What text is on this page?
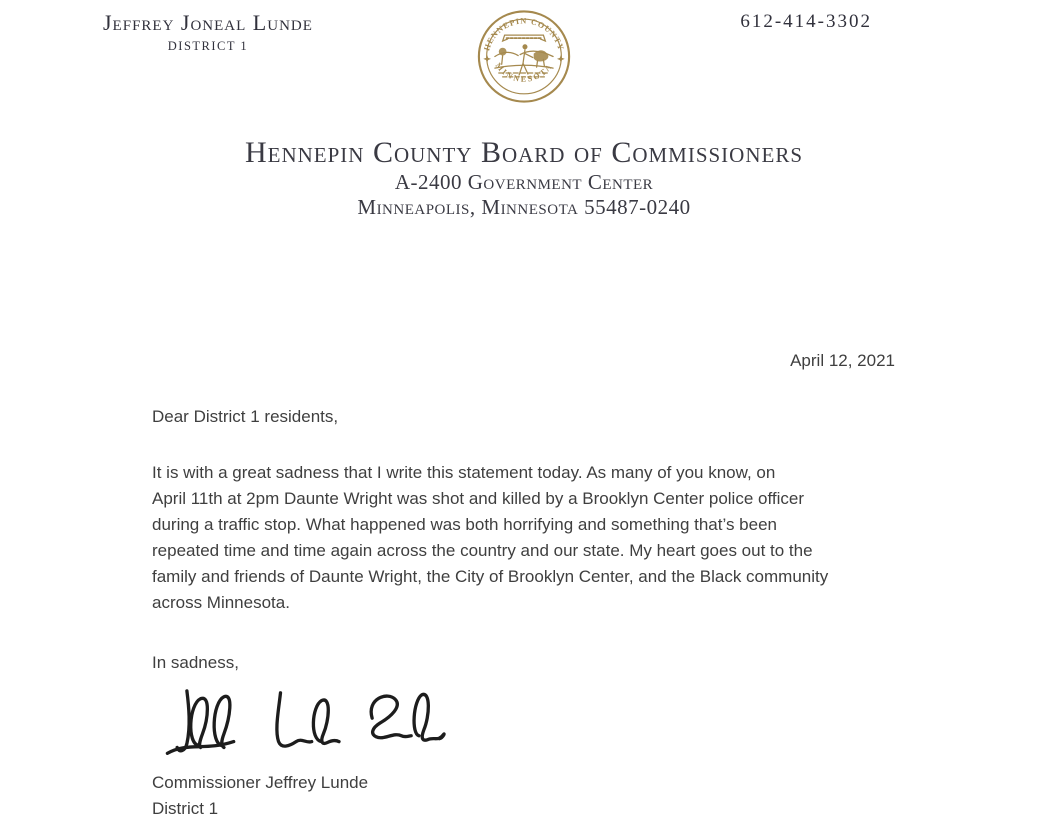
Jeffrey Joneal Lunde
DISTRICT 1	HENNEPIN COUNTY
MINNESOTA
612-414-3302
Hennepin County Board of Commissioners
A-2400 Government Center
Minneapolis, Minnesota 55487-0240
April 12, 2021
Dear District 1 residents,

It is with a great sadness that I write this statement today. As many of you know, on
April 11th at 2pm Daunte Wright was shot and killed by a Brooklyn Center police officer
during a traffic stop. What happened was both horrifying and something that’s been
repeated time and time again across the country and our state. My heart goes out to the
family and friends of Daunte Wright, the City of Brooklyn Center, and the Black community
across Minnesota.

In sadness,
Commissioner Jeffrey Lunde
District 1
